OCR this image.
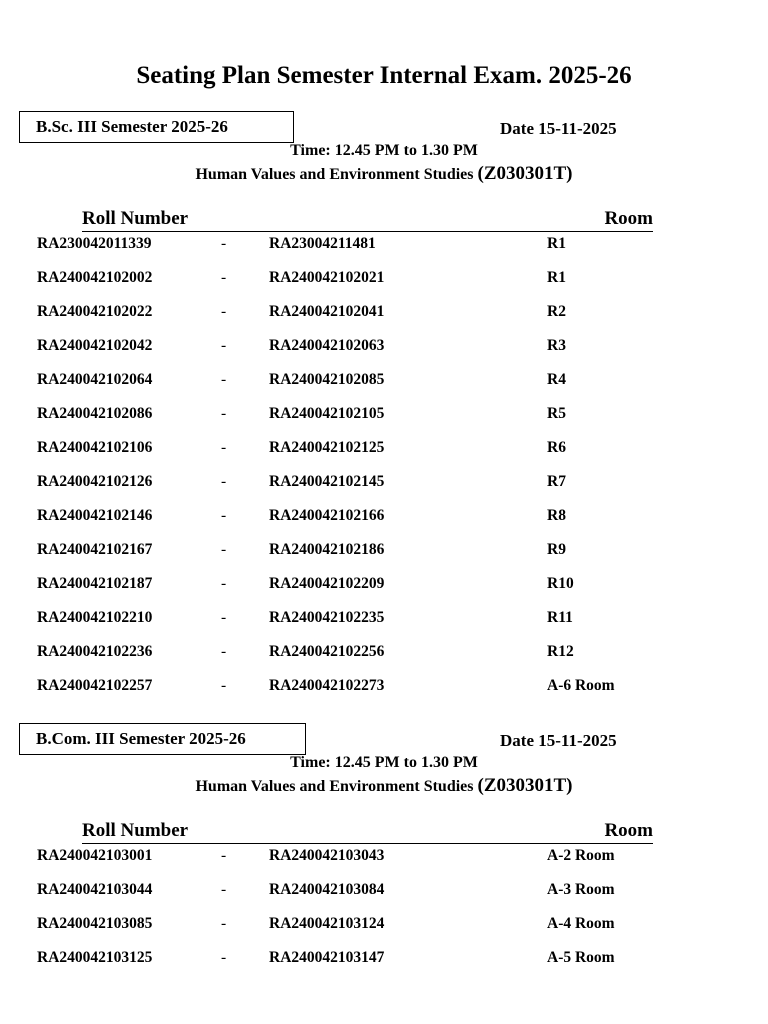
Seating Plan Semester Internal Exam. 2025-26
B.Sc. III Semester 2025-26	Date 15-11-2025
Time: 12.45 PM to 1.30 PM
Human Values and Environment Studies (Z030301T)
Roll Number	Room
RA230042011339	-	RA23004211481	R1
RA240042102002	-	RA240042102021	R1
RA240042102022	-	RA240042102041	R2
RA240042102042	-	RA240042102063	R3
RA240042102064	-	RA240042102085	R4
RA240042102086	-	RA240042102105	R5
RA240042102106	-	RA240042102125	R6
RA240042102126	-	RA240042102145	R7
RA240042102146	-	RA240042102166	R8
RA240042102167	-	RA240042102186	R9
RA240042102187	-	RA240042102209	R10
RA240042102210	-	RA240042102235	R11
RA240042102236	-	RA240042102256	R12
RA240042102257	-	RA240042102273	A-6 Room
B.Com. III Semester 2025-26	Date 15-11-2025
Time: 12.45 PM to 1.30 PM
Human Values and Environment Studies (Z030301T)
Roll Number	Room
RA240042103001	-	RA240042103043	A-2 Room
RA240042103044	-	RA240042103084	A-3 Room
RA240042103085	-	RA240042103124	A-4 Room
RA240042103125	-	RA240042103147	A-5 Room
